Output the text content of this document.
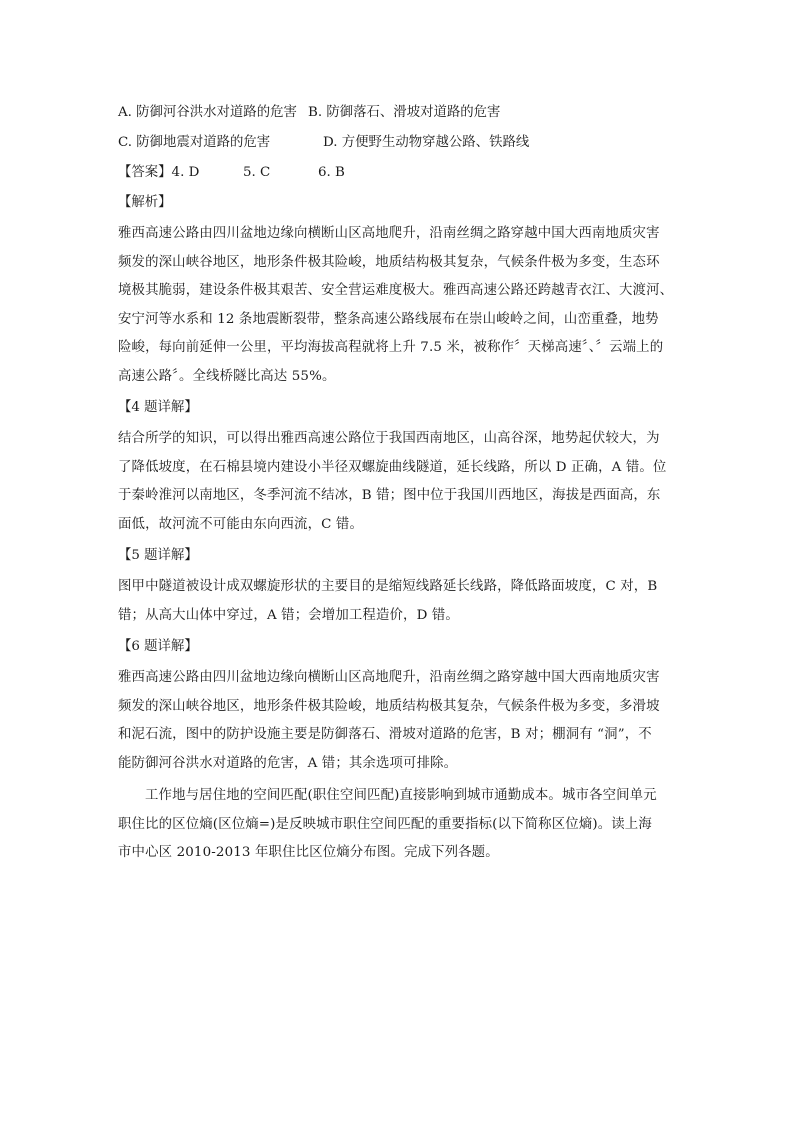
A. 防御河谷洪水对道路的危害 B. 防御落石、滑坡对道路的危害
C. 防御地震对道路的危害	D. 方便野生动物穿越公路、铁路线
【答案】4. D	5. C	6. B
【解析】
雅西高速公路由四川盆地边缘向横断山区高地爬升，沿南丝绸之路穿越中国大西南地质灾害
频发的深山峡谷地区，地形条件极其险峻，地质结构极其复杂，气候条件极为多变，生态环
境极其脆弱，建设条件极其艰苦、安全营运难度极大。雅西高速公路还跨越青衣江、大渡河、
安宁河等水系和 12 条地震断裂带，整条高速公路线展布在崇山峻岭之间，山峦重叠，地势
险峻，每向前延伸一公里，平均海拔高程就将上升 7.5 米，被称作〞天梯高速〞、〞云端上的
高速公路〞。全线桥隧比高达 55%。
【4 题详解】
结合所学的知识，可以得出雅西高速公路位于我国西南地区，山高谷深，地势起伏较大，为
了降低坡度，在石棉县境内建设小半径双螺旋曲线隧道，延长线路，所以 D 正确，A 错。位
于秦岭淮河以南地区，冬季河流不结冰，B 错；图中位于我国川西地区，海拔是西面高，东
面低，故河流不可能由东向西流，C 错。
【5 题详解】
图甲中隧道被设计成双螺旋形状的主要目的是缩短线路延长线路，降低路面坡度，C 对，B
错；从高大山体中穿过，A 错；会增加工程造价，D 错。
【6 题详解】
雅西高速公路由四川盆地边缘向横断山区高地爬升，沿南丝绸之路穿越中国大西南地质灾害
频发的深山峡谷地区，地形条件极其险峻，地质结构极其复杂，气候条件极为多变，多滑坡
和泥石流，图中的防护设施主要是防御落石、滑坡对道路的危害，B 对；棚洞有 “洞”，不
能防御河谷洪水对道路的危害，A 错；其余选项可排除。
工作地与居住地的空间匹配(职住空间匹配)直接影响到城市通勤成本。城市各空间单元
职住比的区位熵(区位熵=)是反映城市职住空间匹配的重要指标(以下简称区位熵)。读上海
市中心区 2010-2013 年职住比区位熵分布图。完成下列各题。
